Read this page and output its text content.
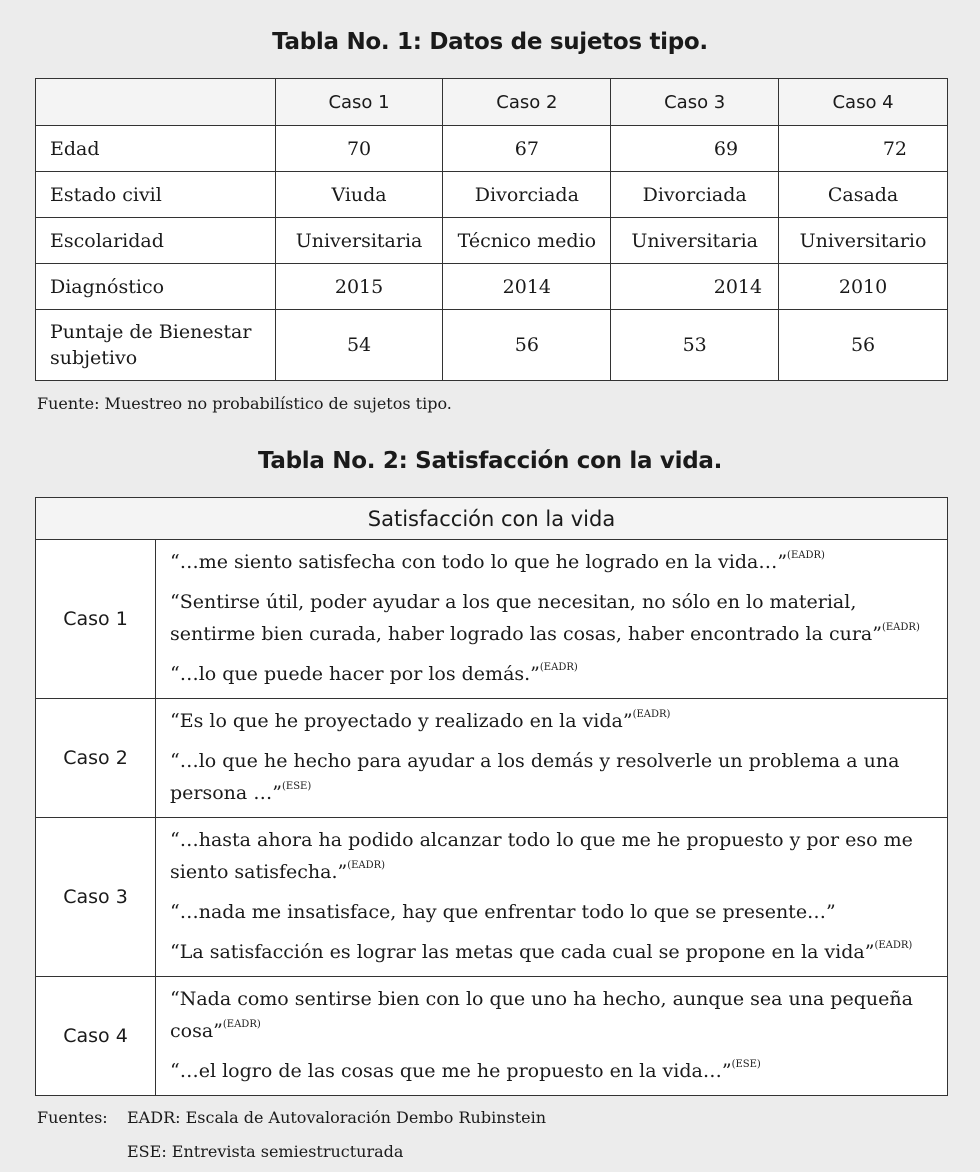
Tabla No. 1: Datos de sujetos tipo.
	Caso 1	Caso 2	Caso 3	Caso 4
Edad	70	67	69	72
Estado civil	Viuda	Divorciada	Divorciada	Casada
Escolaridad	Universitaria	Técnico medio	Universitaria	Universitario
Diagnóstico	2015	2014	2014	2010
Puntaje de Bienestar subjetivo	54	56	53	56
Fuente: Muestreo no probabilístico de sujetos tipo.
Tabla No. 2: Satisfacción con la vida.
Satisfacción con la vida	
Caso 1	“…me siento satisfecha con todo lo que he logrado en la vida…”$^{(EADR)}$

“Sentirse útil, poder ayudar a los que necesitan, no sólo en lo material, sentirme bien curada, haber logrado las cosas, haber encontrado la cura”$^{(EADR)}$

“…lo que puede hacer por los demás.”$^{(EADR)}$

Caso 2	“Es lo que he proyectado y realizado en la vida”$^{(EADR)}$

“…lo que he hecho para ayudar a los demás y resolverle un problema a una persona …”$^{(ESE)}$

Caso 3	“…hasta ahora ha podido alcanzar todo lo que me he propuesto y por eso me siento satisfecha.”$^{(EADR)}$

“…nada me insatisface, hay que enfrentar todo lo que se presente…”

“La satisfacción es lograr las metas que cada cual se propone en la vida”$^{(EADR)}$

Caso 4	“Nada como sentirse bien con lo que uno ha hecho, aunque sea una pequeña cosa”$^{(EADR)}$

“…el logro de las cosas que me he propuesto en la vida…”$^{(ESE)}$

Fuentes: EADR: Escala de Autovaloración Dembo Rubinstein
ESE: Entrevista semiestructurada
